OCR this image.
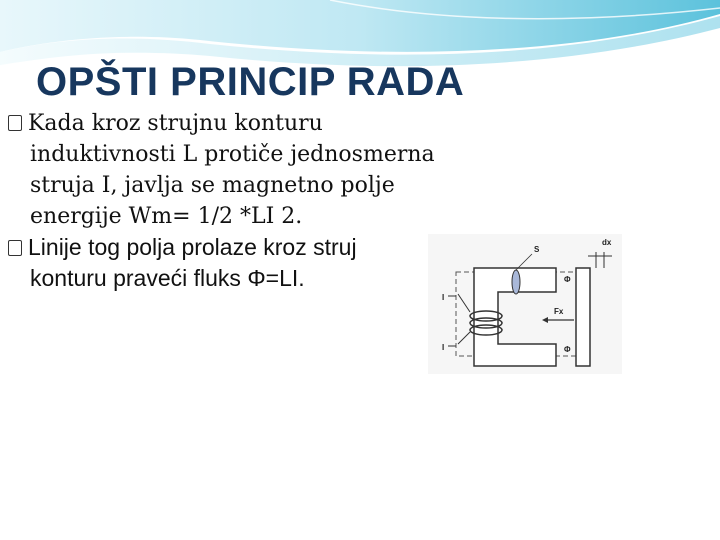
OPŠTI PRINCIP RADA

Kada kroz strujnu konturu
induktivnosti L protiče jednosmerna
struja I, javlja se magnetno polje
energije Wm= 1/2 *LI 2.

Linije tog polja prolaze kroz struj
konturu praveći fluks Φ=LI.

S
dx
Fx
Φ
Φ
I
I
